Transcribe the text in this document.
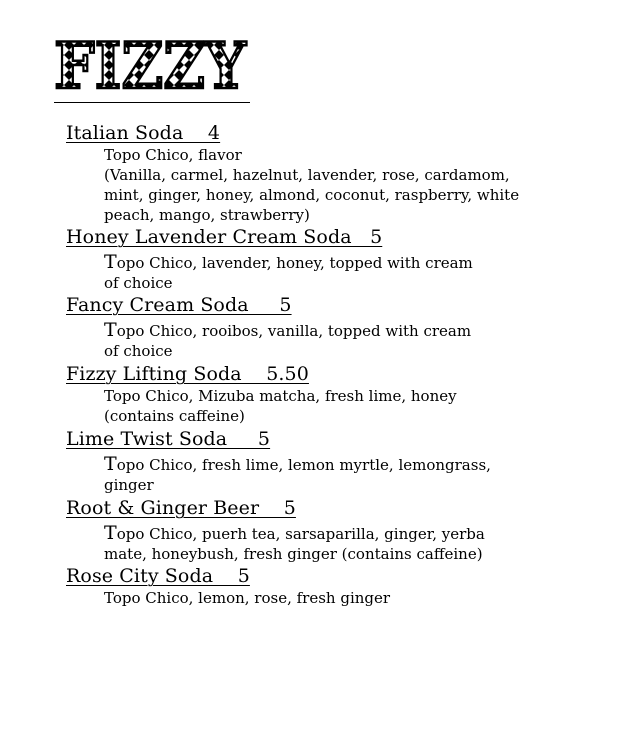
FIZZY
Italian Soda    4
Topo Chico, flavor
(Vanilla, carmel, hazelnut, lavender, rose, cardamom,
mint, ginger, honey, almond, coconut, raspberry, white
peach, mango, strawberry)
Honey Lavender Cream Soda   5
Topo Chico, lavender, honey, topped with cream
of choice
Fancy Cream Soda     5
Topo Chico, rooibos, vanilla, topped with cream
of choice
Fizzy Lifting Soda    5.50
Topo Chico, Mizuba matcha, fresh lime, honey
(contains caffeine)
Lime Twist Soda     5
Topo Chico, fresh lime, lemon myrtle, lemongrass,
ginger
Root & Ginger Beer    5
Topo Chico, puerh tea, sarsaparilla, ginger, yerba
mate, honeybush, fresh ginger (contains caffeine)
Rose City Soda    5
Topo Chico, lemon, rose, fresh ginger
